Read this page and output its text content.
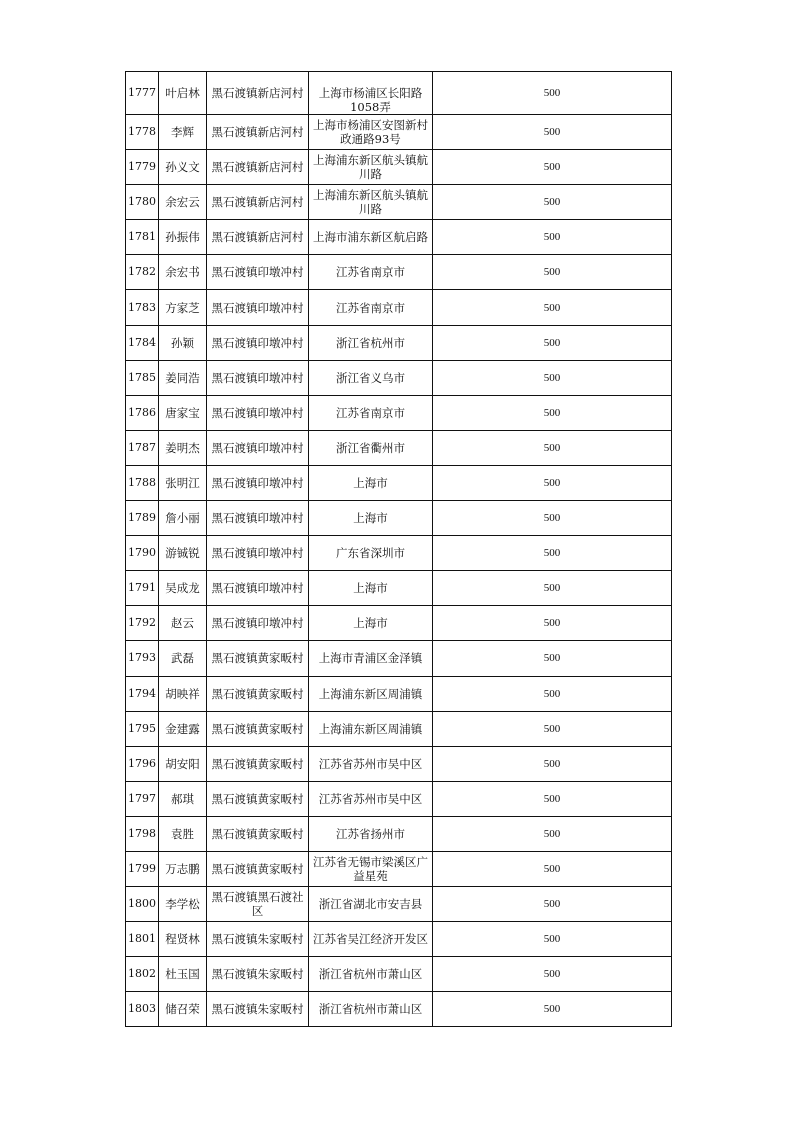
1777	叶启林	黑石渡镇新店河村	上海市杨浦区长阳路1058弄	500
1778	李辉	黑石渡镇新店河村	上海市杨浦区安图新村政通路93号	500
1779	孙义文	黑石渡镇新店河村	上海浦东新区航头镇航川路	500
1780	余宏云	黑石渡镇新店河村	上海浦东新区航头镇航川路	500
1781	孙振伟	黑石渡镇新店河村	上海市浦东新区航启路	500
1782	余宏书	黑石渡镇印墩冲村	江苏省南京市	500
1783	方家芝	黑石渡镇印墩冲村	江苏省南京市	500
1784	孙颖	黑石渡镇印墩冲村	浙江省杭州市	500
1785	姜同浩	黑石渡镇印墩冲村	浙江省义乌市	500
1786	唐家宝	黑石渡镇印墩冲村	江苏省南京市	500
1787	姜明杰	黑石渡镇印墩冲村	浙江省衢州市	500
1788	张明江	黑石渡镇印墩冲村	上海市	500
1789	詹小丽	黑石渡镇印墩冲村	上海市	500
1790	游铖锐	黑石渡镇印墩冲村	广东省深圳市	500
1791	吴成龙	黑石渡镇印墩冲村	上海市	500
1792	赵云	黑石渡镇印墩冲村	上海市	500
1793	武磊	黑石渡镇黄家畈村	上海市青浦区金泽镇	500
1794	胡映祥	黑石渡镇黄家畈村	上海浦东新区周浦镇	500
1795	金建露	黑石渡镇黄家畈村	上海浦东新区周浦镇	500
1796	胡安阳	黑石渡镇黄家畈村	江苏省苏州市吴中区	500
1797	郝琪	黑石渡镇黄家畈村	江苏省苏州市吴中区	500
1798	袁胜	黑石渡镇黄家畈村	江苏省扬州市	500
1799	万志鹏	黑石渡镇黄家畈村	江苏省无锡市梁溪区广益星苑	500
1800	李学松	黑石渡镇黑石渡社区	浙江省湖北市安吉县	500
1801	程贤林	黑石渡镇朱家畈村	江苏省吴江经济开发区	500
1802	杜玉国	黑石渡镇朱家畈村	浙江省杭州市萧山区	500
1803	储召荣	黑石渡镇朱家畈村	浙江省杭州市萧山区	500
